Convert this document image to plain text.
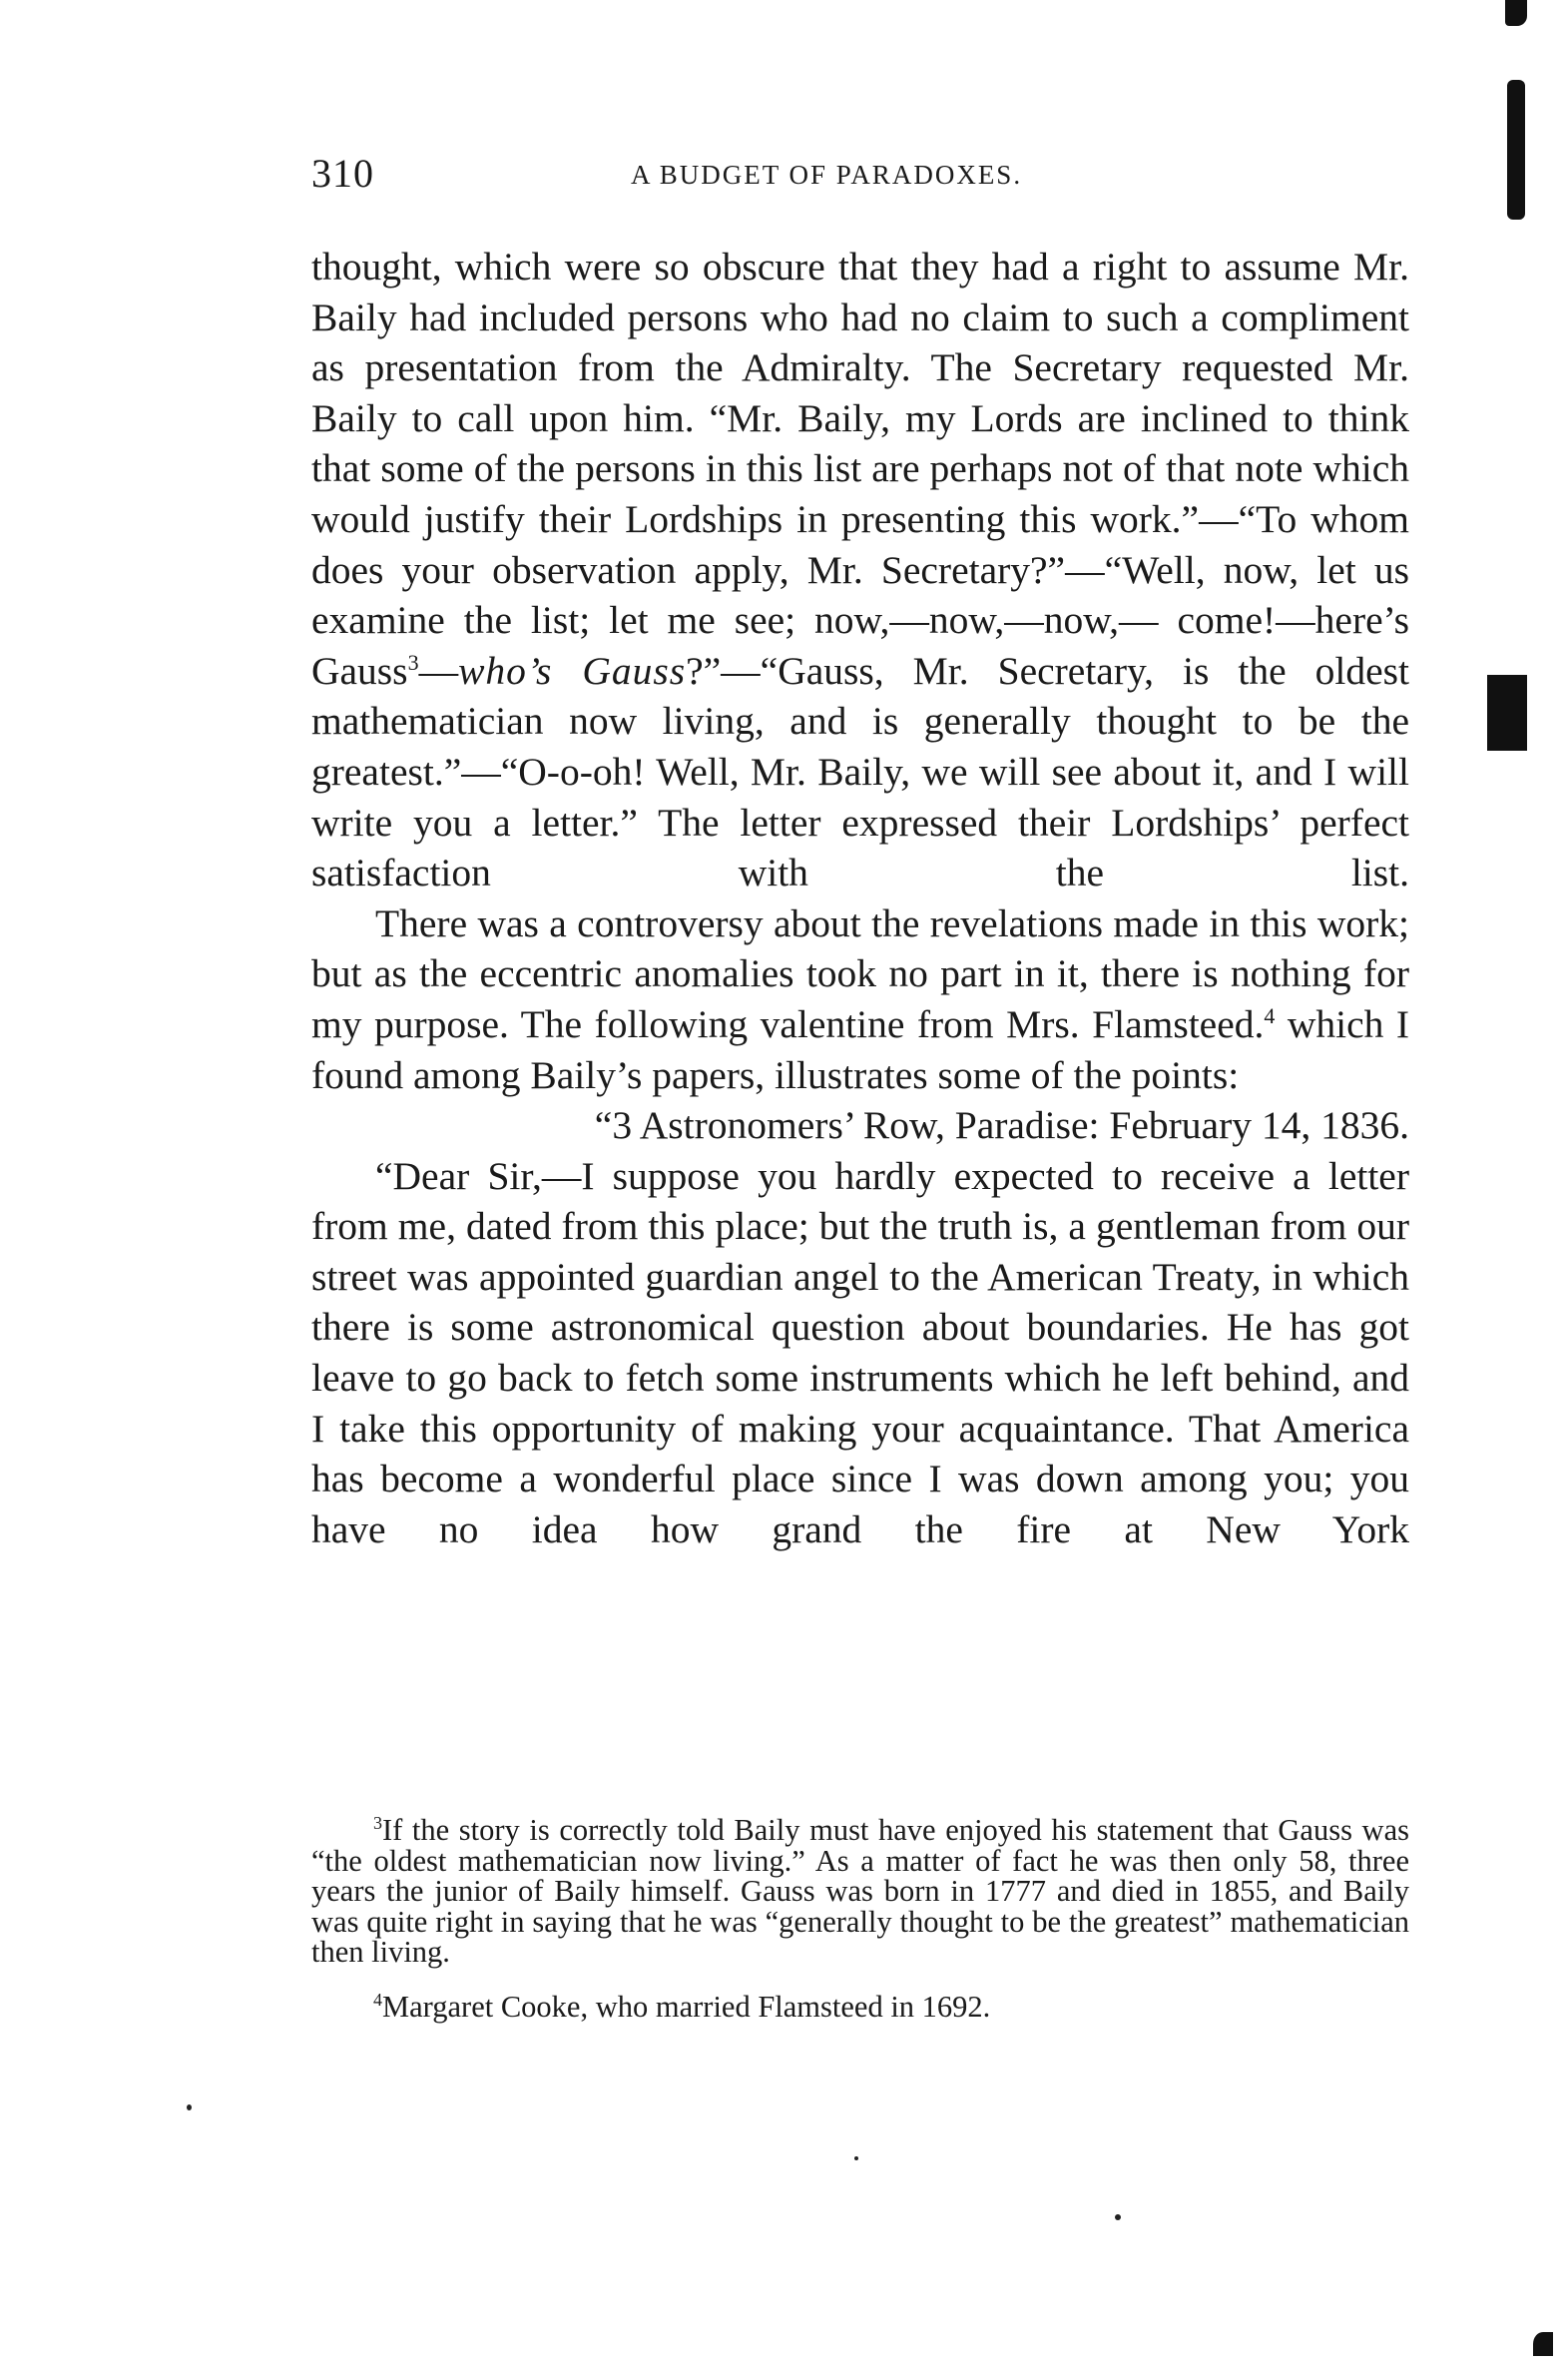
310	A BUDGET OF PARADOXES.

thought, which were so obscure that they had a right to assume Mr. Baily had included persons who had no claim to such a compliment as presentation from the Admiralty. The Secretary requested Mr. Baily to call upon him. “Mr. Baily, my Lords are inclined to think that some of the persons in this list are perhaps not of that note which would justify their Lordships in presenting this work.”—“To whom does your observation apply, Mr. Secretary?”—“Well, now, let us examine the list; let me see; now,—now,—now,— come!—here’s Gauss$^3$—who’s Gauss?”—“Gauss, Mr. Secretary, is the oldest mathematician now living, and is generally thought to be the greatest.”—“O-o-oh! Well, Mr. Baily, we will see about it, and I will write you a letter.” The letter expressed their Lordships’ perfect satisfaction with the list.

There was a controversy about the revelations made in this work; but as the eccentric anomalies took no part in it, there is nothing for my purpose. The following valentine from Mrs. Flamsteed.$^4$ which I found among Baily’s papers, illustrates some of the points:

“3 Astronomers’ Row, Paradise: February 14, 1836.

“Dear Sir,—I suppose you hardly expected to receive a letter from me, dated from this place; but the truth is, a gentleman from our street was appointed guardian angel to the American Treaty, in which there is some astronomical question about boundaries. He has got leave to go back to fetch some instruments which he left behind, and I take this opportunity of making your acquaintance. That America has become a wonderful place since I was down among you; you have no idea how grand the fire at New York

$^3$If the story is correctly told Baily must have enjoyed his statement that Gauss was “the oldest mathematician now living.” As a matter of fact he was then only 58, three years the junior of Baily himself. Gauss was born in 1777 and died in 1855, and Baily was quite right in saying that he was “generally thought to be the greatest” mathematician then living.

$^4$Margaret Cooke, who married Flamsteed in 1692.
